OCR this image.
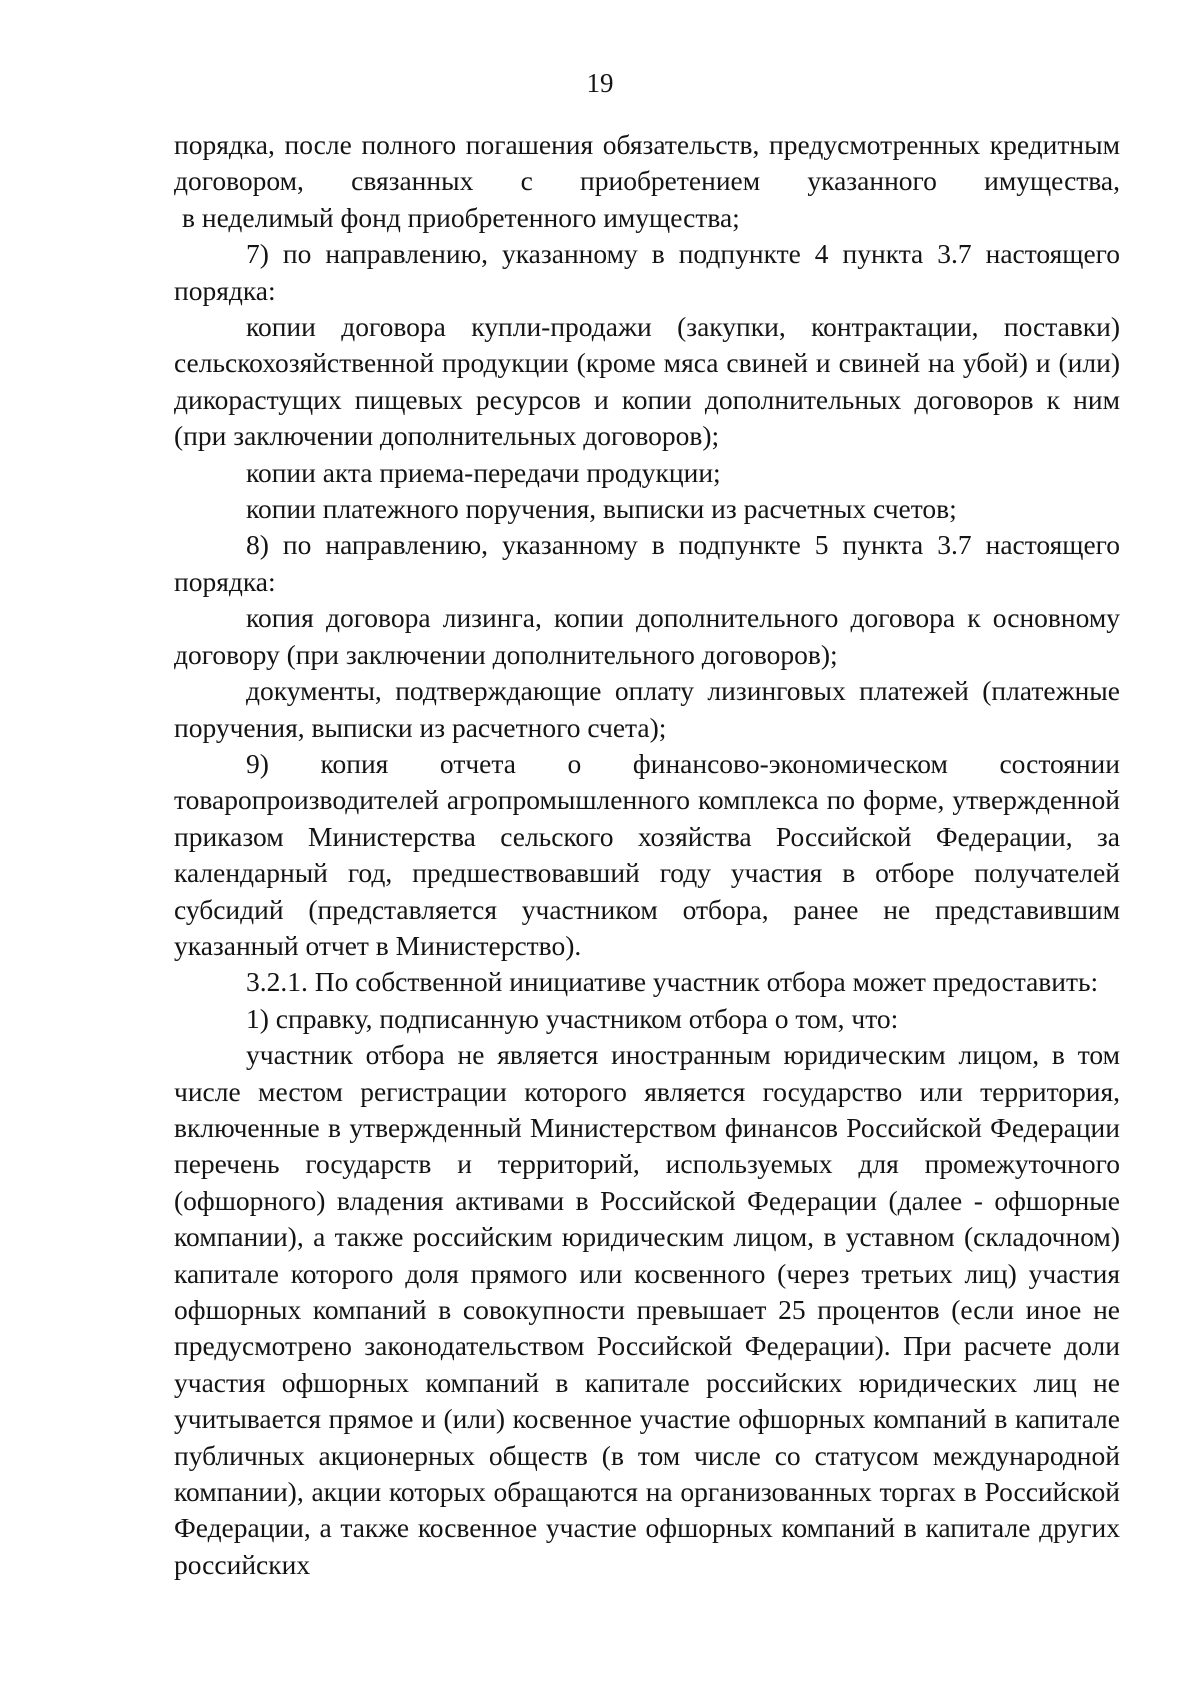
19

порядка, после полного погашения обязательств, предусмотренных кредитным договором, связанных с приобретением указанного имущества,

в неделимый фонд приобретенного имущества;

7) по направлению, указанному в подпункте 4 пункта 3.7 настоящего порядка:

копии договора купли-продажи (закупки, контрактации, поставки) сельскохозяйственной продукции (кроме мяса свиней и свиней на убой) и (или) дикорастущих пищевых ресурсов и копии дополнительных договоров к ним (при заключении дополнительных договоров);

копии акта приема-передачи продукции;

копии платежного поручения, выписки из расчетных счетов;

8) по направлению, указанному в подпункте 5 пункта 3.7 настоящего порядка:

копия договора лизинга, копии дополнительного договора к основному договору (при заключении дополнительного договоров);

документы, подтверждающие оплату лизинговых платежей (платежные поручения, выписки из расчетного счета);

9) копия отчета о финансово-экономическом состоянии товаропроизводителей агропромышленного комплекса по форме, утвержденной приказом Министерства сельского хозяйства Российской Федерации, за календарный год, предшествовавший году участия в отборе получателей субсидий (представляется участником отбора, ранее не представившим указанный отчет в Министерство).

3.2.1. По собственной инициативе участник отбора может предоставить:

1) справку, подписанную участником отбора о том, что:

участник отбора не является иностранным юридическим лицом, в том числе местом регистрации которого является государство или территория, включенные в утвержденный Министерством финансов Российской Федерации перечень государств и территорий, используемых для промежуточного (офшорного) владения активами в Российской Федерации (далее - офшорные компании), а также российским юридическим лицом, в уставном (складочном) капитале которого доля прямого или косвенного (через третьих лиц) участия офшорных компаний в совокупности превышает 25 процентов (если иное не предусмотрено законодательством Российской Федерации). При расчете доли участия офшорных компаний в капитале российских юридических лиц не учитывается прямое и (или) косвенное участие офшорных компаний в капитале публичных акционерных обществ (в том числе со статусом международной компании), акции которых обращаются на организованных торгах в Российской Федерации, а также косвенное участие офшорных компаний в капитале других российских
